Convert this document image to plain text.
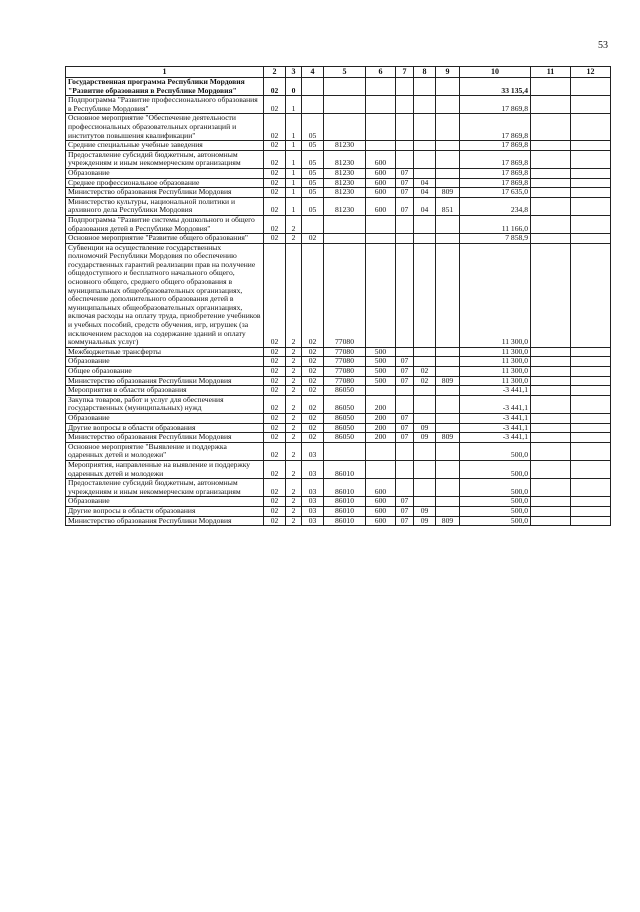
53
1	2	3	4	5	6	7	8	9	10	11	12
Государственная программа Республики Мордовия "Развитие образования в Республике Мордовия"	02	0							33 135,4		
Подпрограмма "Развитие профессионального образования в Республике Мордовия"	02	1							17 869,8		
Основное мероприятие "Обеспечение деятельности профессиональных образовательных организаций и институтов повышения квалификации"	02	1	05						17 869,8		
Средние специальные учебные заведения	02	1	05	81230					17 869,8		
Предоставление субсидий бюджетным, автономным учреждениям и иным некоммерческим организациям	02	1	05	81230	600				17 869,8		
Образование	02	1	05	81230	600	07			17 869,8		
Среднее профессиональное образование	02	1	05	81230	600	07	04		17 869,8		
Министерство образования Республики Мордовия	02	1	05	81230	600	07	04	809	17 635,0		
Министерство культуры, национальной политики и архивного дела Республики Мордовия	02	1	05	81230	600	07	04	851	234,8		
Подпрограмма "Развитие системы дошкольного и общего образования детей в Республике Мордовия"	02	2							11 166,0		
Основное мероприятие "Развитие общего образования"	02	2	02						7 858,9		
Субвенции на осуществление государственных полномочий Республики Мордовия по обеспечению государственных гарантий реализации прав на получение общедоступного и бесплатного начального общего, основного общего, среднего общего образования в муниципальных общеобразовательных организациях, обеспечение дополнительного образования детей в муниципальных общеобразовательных организациях, включая расходы на оплату труда, приобретение учебников и учебных пособий, средств обучения, игр, игрушек (за исключением расходов на содержание зданий и оплату коммунальных услуг)	02	2	02	77080					11 300,0		
Межбюджетные трансферты	02	2	02	77080	500				11 300,0		
Образование	02	2	02	77080	500	07			11 300,0		
Общее образование	02	2	02	77080	500	07	02		11 300,0		
Министерство образования Республики Мордовия	02	2	02	77080	500	07	02	809	11 300,0		
Мероприятия в области образования	02	2	02	86050					-3 441,1		
Закупка товаров, работ и услуг для обеспечения государственных (муниципальных) нужд	02	2	02	86050	200				-3 441,1		
Образование	02	2	02	86050	200	07			-3 441,1		
Другие вопросы в области образования	02	2	02	86050	200	07	09		-3 441,1		
Министерство образования Республики Мордовия	02	2	02	86050	200	07	09	809	-3 441,1		
Основное мероприятие "Выявление и поддержка одаренных детей и молодежи"	02	2	03						500,0		
Мероприятия, направленные на выявление и поддержку одаренных детей и молодежи	02	2	03	86010					500,0		
Предоставление субсидий бюджетным, автономным учреждениям и иным некоммерческим организациям	02	2	03	86010	600				500,0		
Образование	02	2	03	86010	600	07			500,0		
Другие вопросы в области образования	02	2	03	86010	600	07	09		500,0		
Министерство образования Республики Мордовия	02	2	03	86010	600	07	09	809	500,0		
